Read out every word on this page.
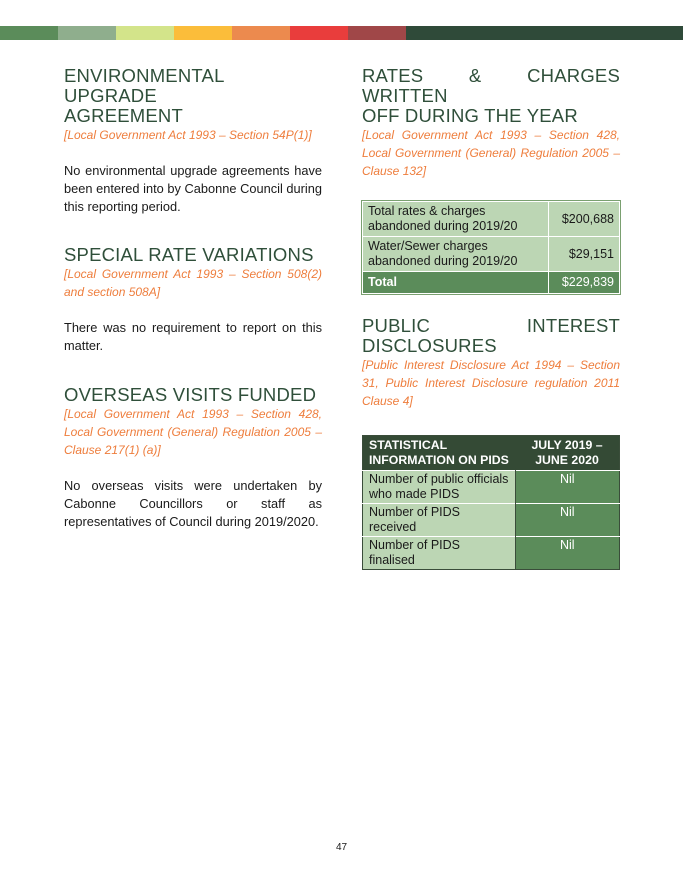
ENVIRONMENTAL UPGRADE
AGREEMENT

[Local Government Act 1993 – Section 54P(1)]

No environmental upgrade agreements have been entered into by Cabonne Council during this reporting period.

SPECIAL RATE VARIATIONS

[Local Government Act 1993 – Section 508(2) and section 508A]

There was no requirement to report on this matter.

OVERSEAS VISITS FUNDED

[Local Government Act 1993 – Section 428, Local Government (General) Regulation 2005 – Clause 217(1) (a)]

No overseas visits were undertaken by Cabonne Councillors or staff as representatives of Council during 2019/2020.

RATES & CHARGES WRITTEN
OFF DURING THE YEAR

[Local Government Act 1993 – Section 428, Local Government (General) Regulation 2005 – Clause 132]

Total rates & charges abandoned during 2019/20	$200,688
Water/Sewer charges abandoned during 2019/20	$29,151
Total	$229,839
PUBLIC INTEREST
DISCLOSURES

[Public Interest Disclosure Act 1994 – Section 31, Public Interest Disclosure regulation 2011 Clause 4]

STATISTICAL INFORMATION ON PIDS	JULY 2019 – JUNE 2020
Number of public officials who made PIDS	Nil
Number of PIDS received	Nil
Number of PIDS finalised	Nil
47
